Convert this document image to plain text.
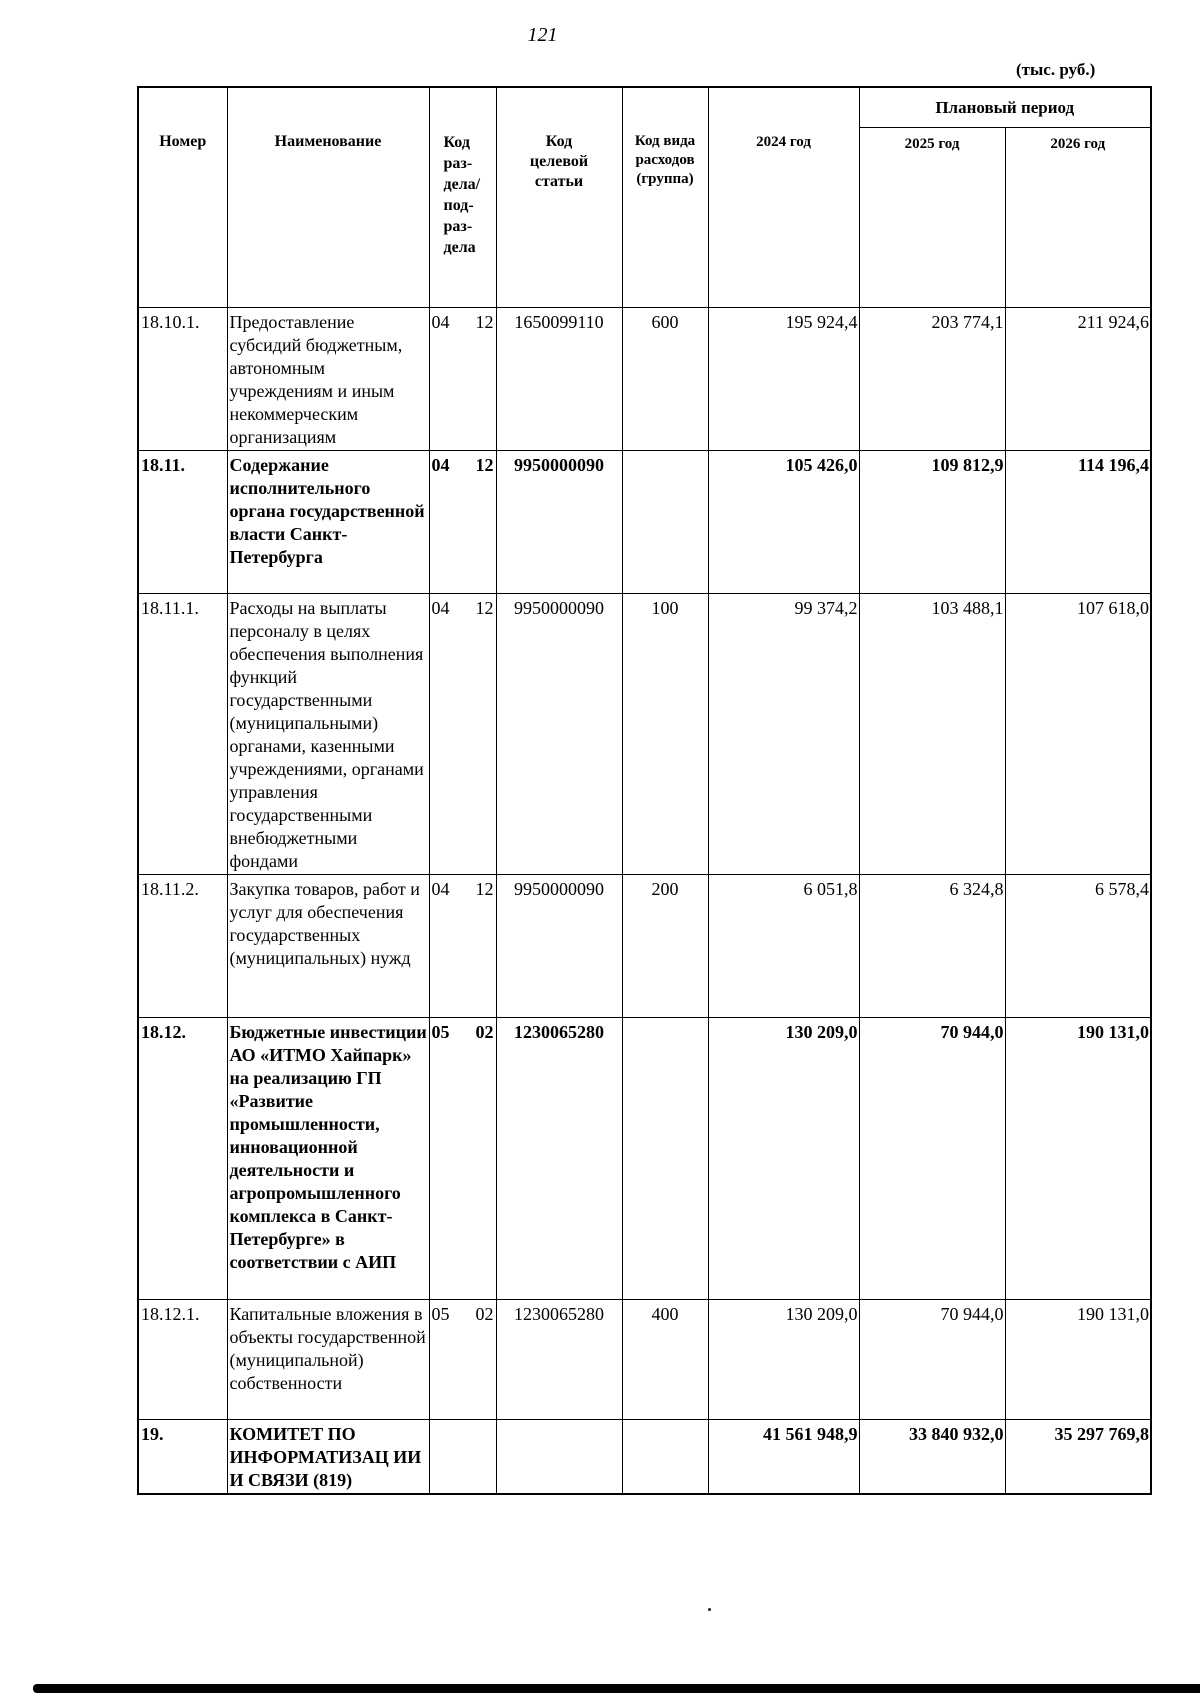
121
(тыс. руб.)
Номер	Наименование	Код раз-дела/ под-раз-дела	Код целевой статьи	Код вида расходов (группа)	2024 год	Плановый период	
						2025 год	2026 год
18.10.1.	Предоставление субсидий бюджетным, автономным учреждениям и иным некоммерческим организациям	04 12	1650099110	600	195 924,4	203 774,1	211 924,6
18.11.	Содержание исполнительного органа государственной власти Санкт-Петербурга	04 12	9950000090		105 426,0	109 812,9	114 196,4
18.11.1.	Расходы на выплаты персоналу в целях обеспечения выполнения функций государственными (муниципальными) органами, казенными учреждениями, органами управления государственными внебюджетными фондами	04 12	9950000090	100	99 374,2	103 488,1	107 618,0
18.11.2.	Закупка товаров, работ и услуг для обеспечения государственных (муниципальных) нужд	04 12	9950000090	200	6 051,8	6 324,8	6 578,4
18.12.	Бюджетные инвестиции АО «ИТМО Хайпарк» на реализацию ГП «Развитие промышленности, инновационной деятельности и агропромышленного комплекса в Санкт-Петербурге» в соответствии с АИП	05 02	1230065280		130 209,0	70 944,0	190 131,0
18.12.1.	Капитальные вложения в объекты государственной (муниципальной) собственности	05 02	1230065280	400	130 209,0	70 944,0	190 131,0
19.	КОМИТЕТ ПО ИНФОРМАТИЗАЦ ИИ И СВЯЗИ (819)				41 561 948,9	33 840 932,0	35 297 769,8
